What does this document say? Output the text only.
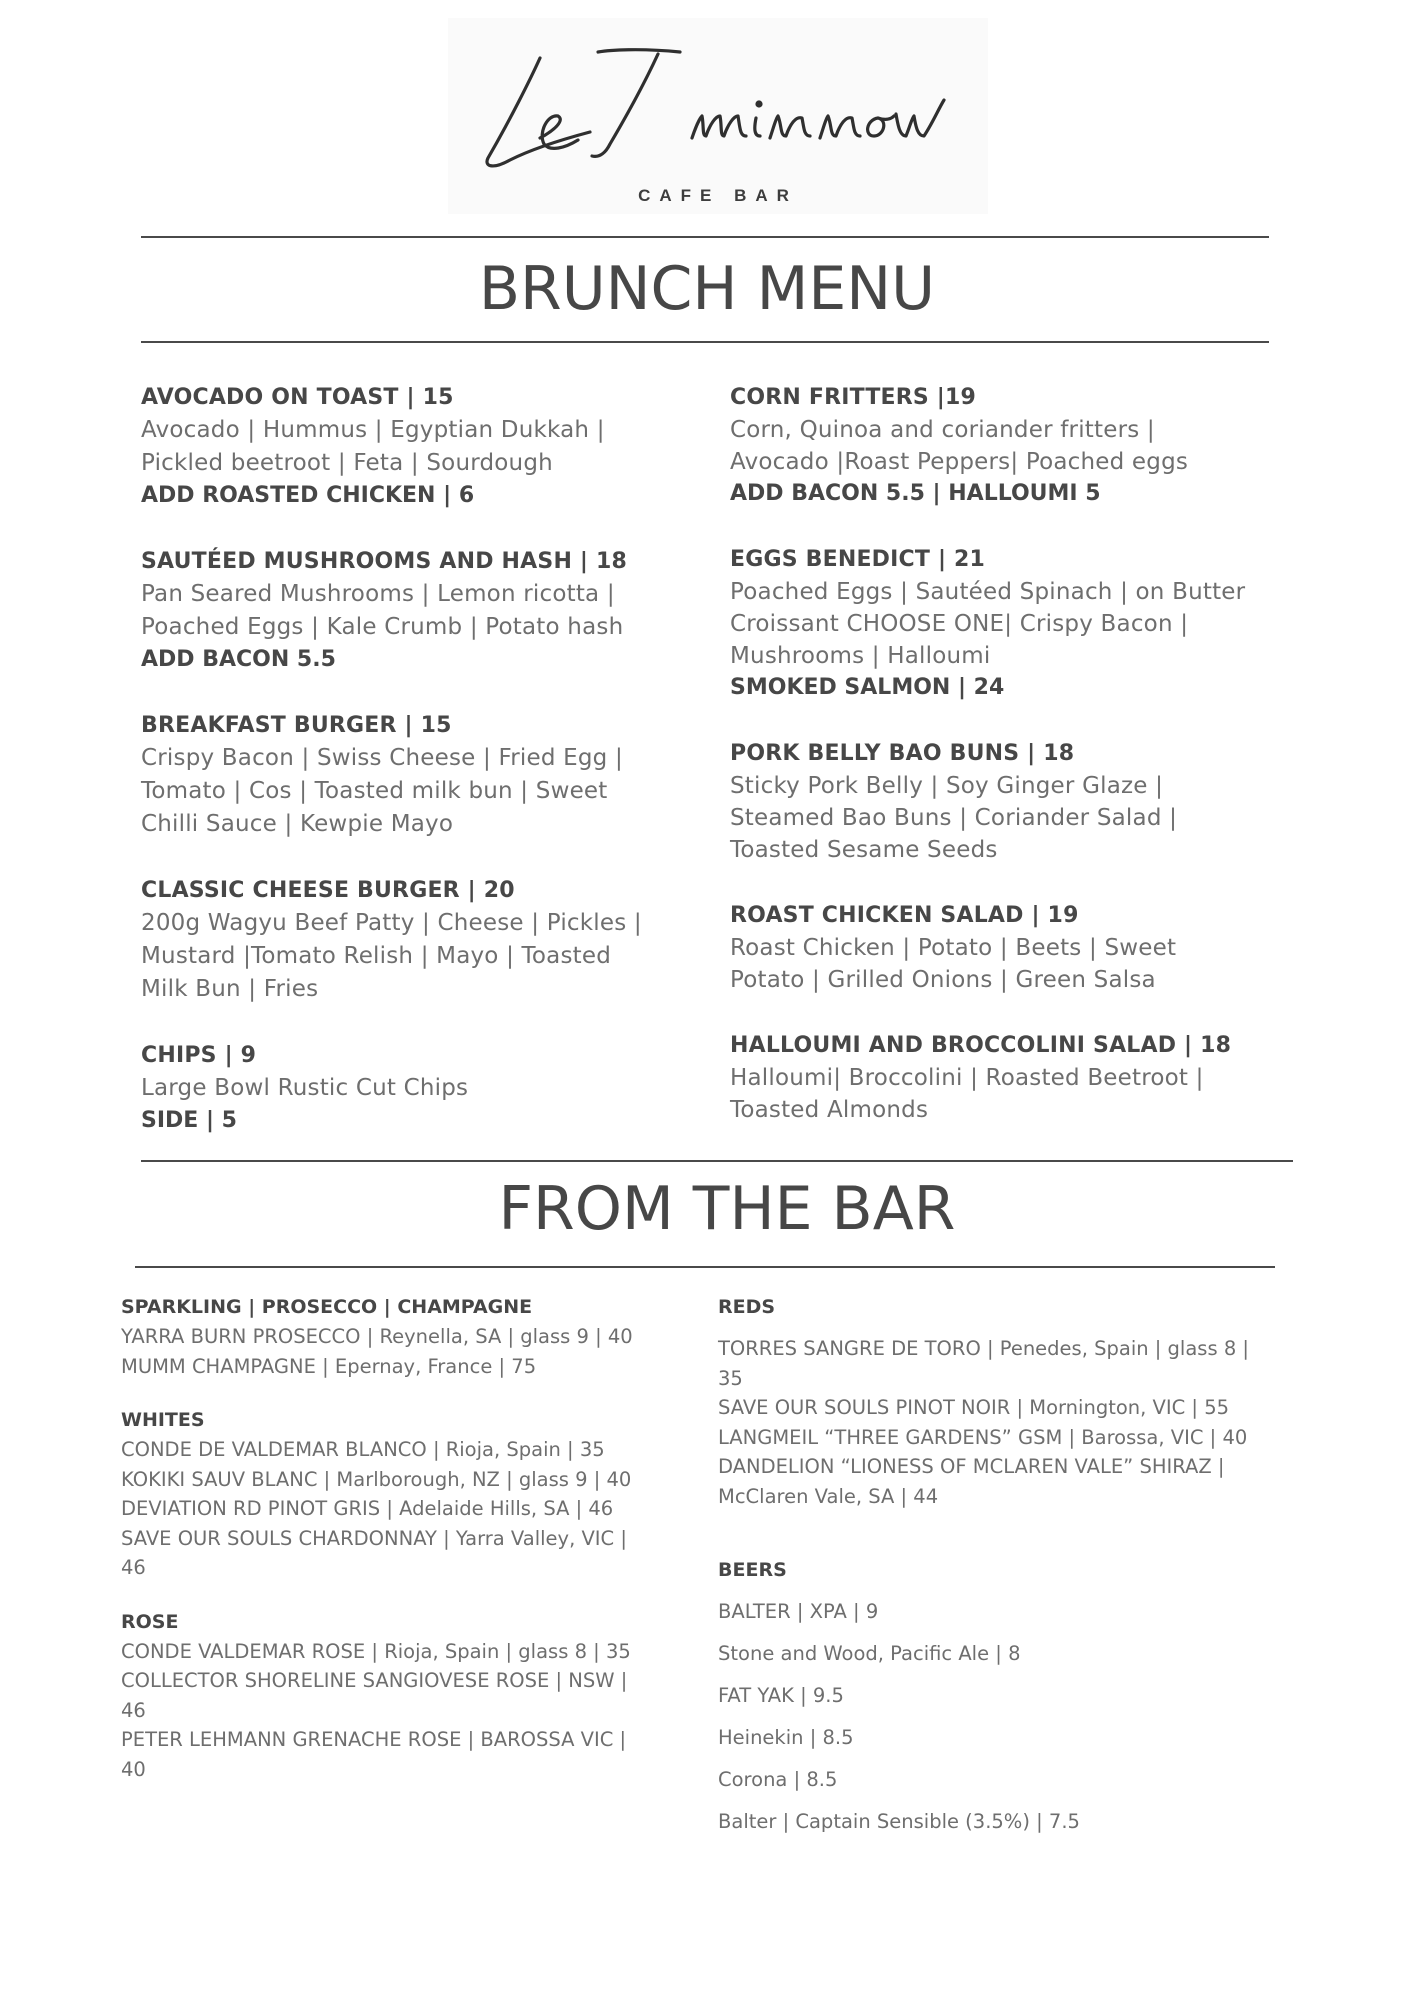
CAFE BAR
BRUNCH MENU
AVOCADO ON TOAST | 15
Avocado | Hummus | Egyptian Dukkah |
Pickled beetroot | Feta | Sourdough
ADD ROASTED CHICKEN | 6
SAUTÉED MUSHROOMS AND HASH | 18
Pan Seared Mushrooms | Lemon ricotta |
Poached Eggs | Kale Crumb | Potato hash
ADD BACON 5.5
BREAKFAST BURGER | 15
Crispy Bacon | Swiss Cheese | Fried Egg |
Tomato | Cos | Toasted milk bun | Sweet
Chilli Sauce | Kewpie Mayo
CLASSIC CHEESE BURGER | 20
200g Wagyu Beef Patty | Cheese | Pickles |
Mustard |Tomato Relish | Mayo | Toasted
Milk Bun | Fries
CHIPS | 9
Large Bowl Rustic Cut Chips
SIDE | 5
CORN FRITTERS |19
Corn, Quinoa and coriander fritters |
Avocado |Roast Peppers| Poached eggs
ADD BACON 5.5 | HALLOUMI 5
EGGS BENEDICT | 21
Poached Eggs | Sautéed Spinach | on Butter
Croissant CHOOSE ONE| Crispy Bacon |
Mushrooms | Halloumi
SMOKED SALMON | 24
PORK BELLY BAO BUNS | 18
Sticky Pork Belly | Soy Ginger Glaze |
Steamed Bao Buns | Coriander Salad |
Toasted Sesame Seeds
ROAST CHICKEN SALAD | 19
Roast Chicken | Potato | Beets | Sweet
Potato | Grilled Onions | Green Salsa
HALLOUMI AND BROCCOLINI SALAD | 18
Halloumi| Broccolini | Roasted Beetroot |
Toasted Almonds
FROM THE BAR
SPARKLING | PROSECCO | CHAMPAGNE
YARRA BURN PROSECCO | Reynella, SA | glass 9 | 40
MUMM CHAMPAGNE | Epernay, France | 75
WHITES
CONDE DE VALDEMAR BLANCO | Rioja, Spain | 35
KOKIKI SAUV BLANC | Marlborough, NZ | glass 9 | 40
DEVIATION RD PINOT GRIS | Adelaide Hills, SA | 46
SAVE OUR SOULS CHARDONNAY | Yarra Valley, VIC |
46
ROSE
CONDE VALDEMAR ROSE | Rioja, Spain | glass 8 | 35
COLLECTOR SHORELINE SANGIOVESE ROSE | NSW |
46
PETER LEHMANN GRENACHE ROSE | BAROSSA VIC |
40
REDS
TORRES SANGRE DE TORO | Penedes, Spain | glass 8 |
35
SAVE OUR SOULS PINOT NOIR | Mornington, VIC | 55
LANGMEIL “THREE GARDENS” GSM | Barossa, VIC | 40
DANDELION “LIONESS OF MCLAREN VALE” SHIRAZ |
McClaren Vale, SA | 44
BEERS
BALTER | XPA | 9
Stone and Wood, Pacific Ale | 8
FAT YAK | 9.5
Heinekin | 8.5
Corona | 8.5
Balter | Captain Sensible (3.5%) | 7.5
